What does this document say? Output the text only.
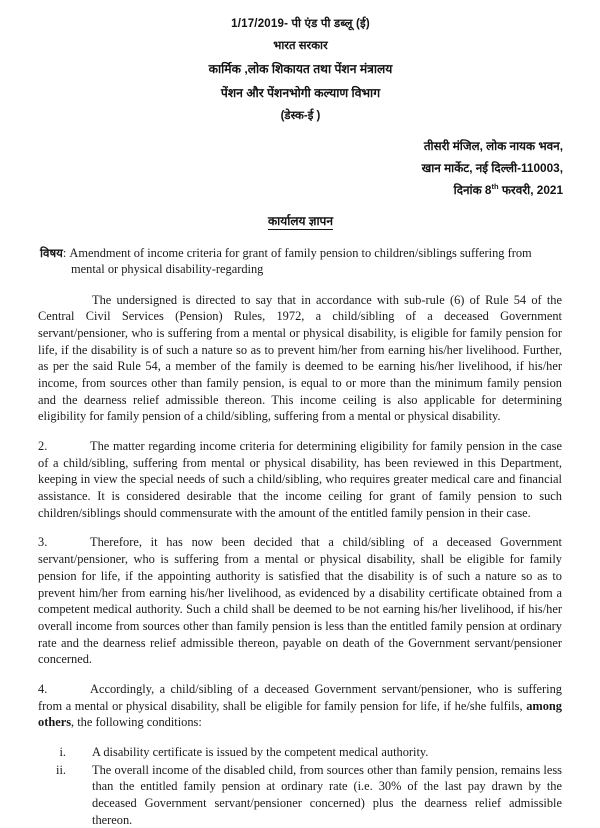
1/17/2019- पी एंड पी डब्लू (ई)
भारत सरकार
कार्मिक ,लोक शिकायत तथा पेंशन मंत्रालय
पेंशन और पेंशनभोगी कल्याण विभाग
(डेस्क-ई )
तीसरी मंजिल, लोक नायक भवन,
खान मार्केट, नई दिल्ली-110003,
दिनांक 8th फरवरी, 2021
कार्यालय ज्ञापन
विषय: Amendment of income criteria for grant of family pension to children/siblings suffering from
mental or physical disability-regarding
The undersigned is directed to say that in accordance with sub-rule (6) of Rule 54 of the Central Civil Services (Pension) Rules, 1972, a child/sibling of a deceased Government servant/pensioner, who is suffering from a mental or physical disability, is eligible for family pension for life, if the disability is of such a nature so as to prevent him/her from earning his/her livelihood. Further, as per the said Rule 54, a member of the family is deemed to be earning his/her livelihood, if his/her income, from sources other than family pension, is equal to or more than the minimum family pension and the dearness relief admissible thereon. This income ceiling is also applicable for determining eligibility for family pension of a child/sibling, suffering from a mental or physical disability.
2.	The matter regarding income criteria for determining eligibility for family pension in the case of a child/sibling, suffering from mental or physical disability, has been reviewed in this Department, keeping in view the special needs of such a child/sibling, who requires greater medical care and financial assistance. It is considered desirable that the income ceiling for grant of family pension to such children/siblings should commensurate with the amount of the entitled family pension in their case.
3.	Therefore, it has now been decided that a child/sibling of a deceased Government servant/pensioner, who is suffering from a mental or physical disability, shall be eligible for family pension for life, if the appointing authority is satisfied that the disability is of such a nature so as to prevent him/her from earning his/her livelihood, as evidenced by a disability certificate obtained from a competent medical authority. Such a child shall be deemed to be not earning his/her livelihood, if his/her overall income from sources other than family pension is less than the entitled family pension at ordinary rate and the dearness relief admissible thereon, payable on death of the Government servant/pensioner concerned.
4.	Accordingly, a child/sibling of a deceased Government servant/pensioner, who is suffering from a mental or physical disability, shall be eligible for family pension for life, if he/she fulfils, among others, the following conditions:
i.	A disability certificate is issued by the competent medical authority.
ii.	The overall income of the disabled child, from sources other than family pension, remains less than the entitled family pension at ordinary rate (i.e. 30% of the last pay drawn by the deceased Government servant/pensioner concerned) plus the dearness relief admissible thereon.
